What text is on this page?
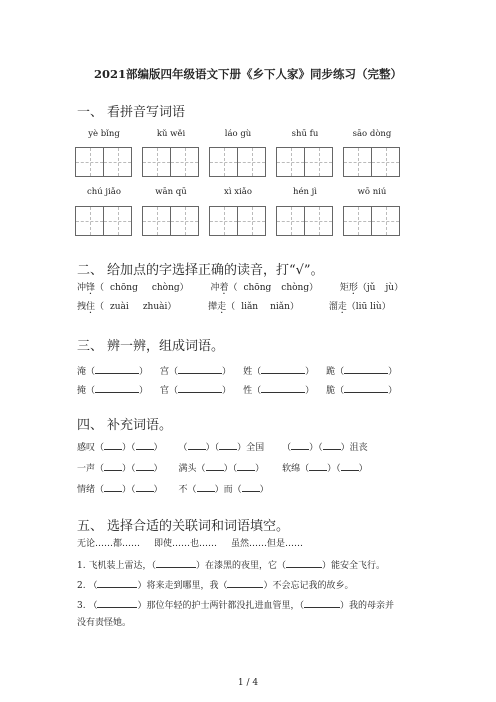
2021部编版四年级语文下册《乡下人家》同步练习（完整）
一、 看拼音写词语
二、 给加点的字选择正确的读音，打“√”。
冲锋（ · chōng chòng） 冲着（ · chōng chòng） 矩形（ ·jǔ jù）
拽住（ · zuài zhuài）	撵走（ · liǎn niǎn）	溜走（ ·liū liù）
三、 辨一辨，组成词语。
淹（	） 宫（	） 姓（	） 跪（	）
掩（	） 官（	） 性（	） 脆（	）
四、 补充词语。
感叹（ ）（ ） （ ）（ ）全国 （ ）（ ）沮丧
一声（ ）（ ） 满头（ ）（ ） 软绵（ ）（ ）
情绪（ ）（ ） 不（ ）而（ ）
五、 选择合适的关联词和词语填空。
无论……都…… 即使……也…… 虽然……但是……
1. 飞机装上雷达，（	）在漆黑的夜里，它（	）能安全飞行。
2. （	）将来走到哪里，我（	）不会忘记我的故乡。
3. （	）那位年轻的护士两针都没扎进血管里，（	）我的母亲并
没有责怪她。
1 / 4
yè bǐng	kǔ wěi	láo gù	shū fu	sāo dòng
chú jiǎo	wān qū	xì xiǎo	hén jì	wō niú
